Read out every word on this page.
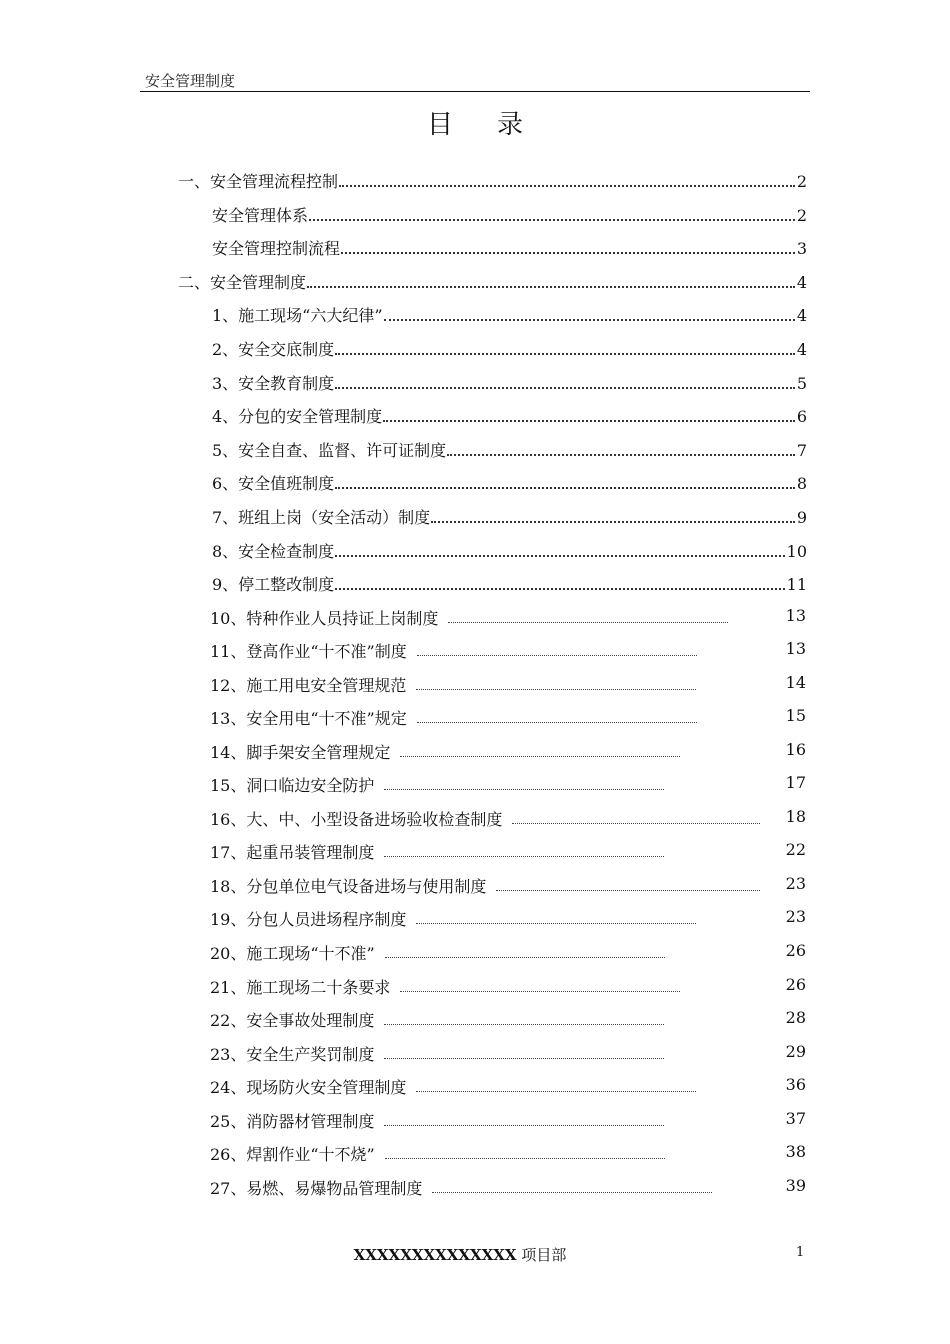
安全管理制度
目录
一、安全管理流程控制	2
安全管理体系	2
安全管理控制流程	3
二、安全管理制度	4
1、施工现场“六大纪律”	4
2、安全交底制度	4
3、安全教育制度	5
4、分包的安全管理制度	6
5、安全自查、监督、许可证制度	7
6、安全值班制度	8
7、班组上岗（安全活动）制度	9
8、安全检查制度	10
9、停工整改制度	11
10、特种作业人员持证上岗制度	13
11、登高作业“十不准”制度	13
12、施工用电安全管理规范	14
13、安全用电“十不准”规定	15
14、脚手架安全管理规定	16
15、洞口临边安全防护	17
16、大、中、小型设备进场验收检查制度	18
17、起重吊装管理制度	22
18、分包单位电气设备进场与使用制度	23
19、分包人员进场程序制度	23
20、施工现场“十不准”	26
21、施工现场二十条要求	26
22、安全事故处理制度	28
23、安全生产奖罚制度	29
24、现场防火安全管理制度	36
25、消防器材管理制度	37
26、焊割作业“十不烧”	38
27、易燃、易爆物品管理制度	39
XXXXXXXXXXXXXX 项目部	1
